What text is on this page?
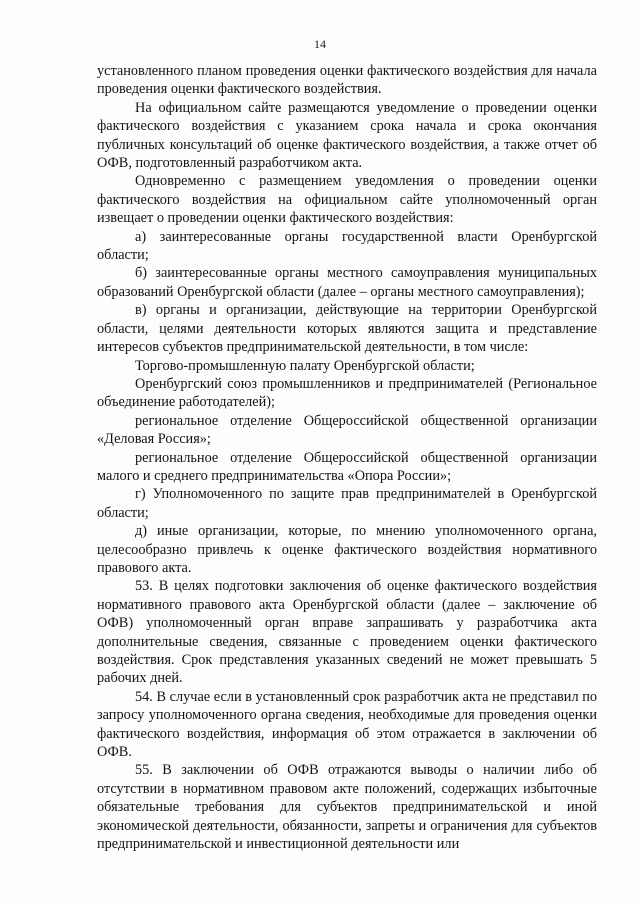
14

установленного планом проведения оценки фактического воздействия для начала проведения оценки фактического воздействия.

На официальном сайте размещаются уведомление о проведении оценки фактического воздействия с указанием срока начала и срока окончания публичных консультаций об оценке фактического воздействия, а также отчет об ОФВ, подготовленный разработчиком акта.

Одновременно с размещением уведомления о проведении оценки фактического воздействия на официальном сайте уполномоченный орган извещает о проведении оценки фактического воздействия:

а) заинтересованные органы государственной власти Оренбургской области;

б) заинтересованные органы местного самоуправления муниципальных образований Оренбургской области (далее – органы местного самоуправления);

в) органы и организации, действующие на территории Оренбургской области, целями деятельности которых являются защита и представление интересов субъектов предпринимательской деятельности, в том числе:

Торгово-промышленную палату Оренбургской области;

Оренбургский союз промышленников и предпринимателей (Региональное объединение работодателей);

региональное отделение Общероссийской общественной организации «Деловая Россия»;

региональное отделение Общероссийской общественной организации малого и среднего предпринимательства «Опора России»;

г) Уполномоченного по защите прав предпринимателей в Оренбургской области;

д) иные организации, которые, по мнению уполномоченного органа, целесообразно привлечь к оценке фактического воздействия нормативного правового акта.

53. В целях подготовки заключения об оценке фактического воздействия нормативного правового акта Оренбургской области (далее – заключение об ОФВ) уполномоченный орган вправе запрашивать у разработчика акта дополнительные сведения, связанные с проведением оценки фактического воздействия. Срок представления указанных сведений не может превышать 5 рабочих дней.

54. В случае если в установленный срок разработчик акта не представил по запросу уполномоченного органа сведения, необходимые для проведения оценки фактического воздействия, информация об этом отражается в заключении об ОФВ.

55. В заключении об ОФВ отражаются выводы о наличии либо об отсутствии в нормативном правовом акте положений, содержащих избыточные обязательные требования для субъектов предпринимательской и иной экономической деятельности, обязанности, запреты и ограничения для субъектов предпринимательской и инвестиционной деятельности или
